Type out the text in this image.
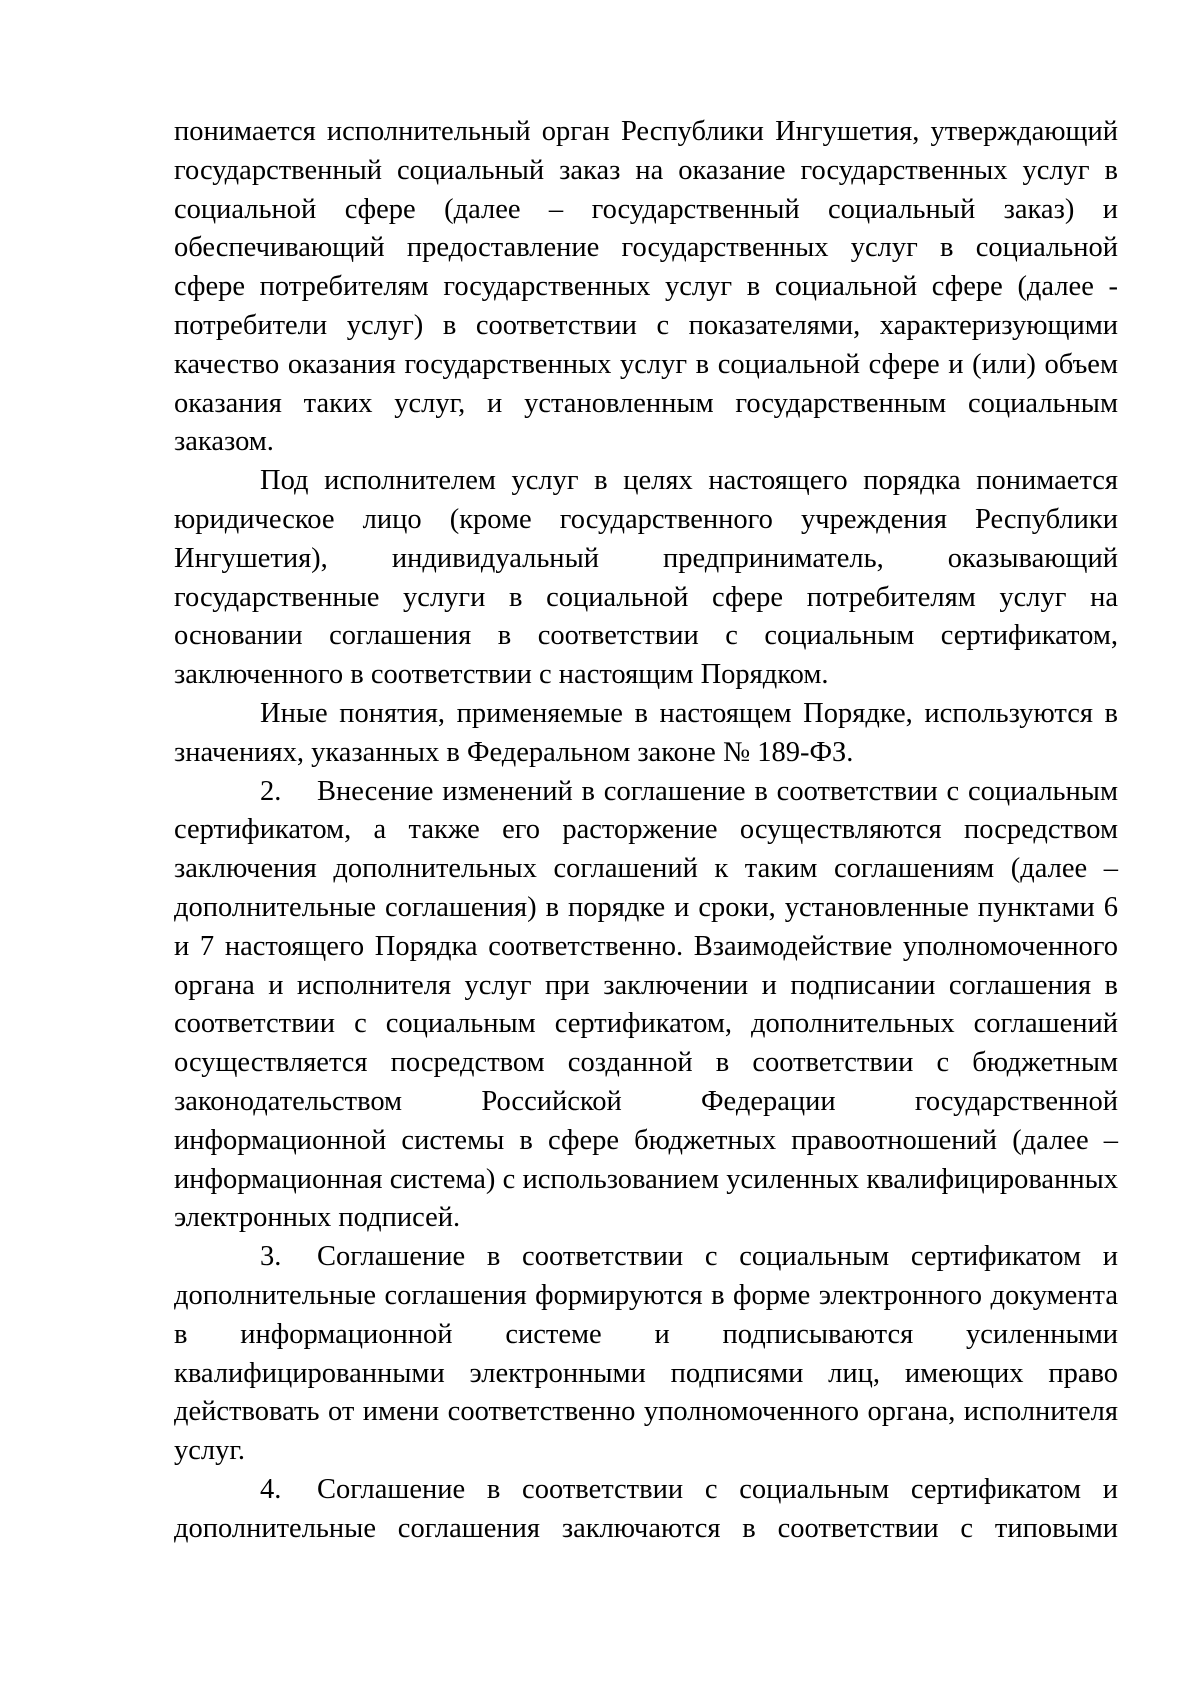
понимается исполнительный орган Республики Ингушетия, утверждающий
государственный социальный заказ на оказание государственных услуг в
социальной сфере (далее – государственный социальный заказ) и
обеспечивающий предоставление государственных услуг в социальной
сфере потребителям государственных услуг в социальной сфере (далее -
потребители услуг) в соответствии с показателями, характеризующими
качество оказания государственных услуг в социальной сфере и (или) объем
оказания таких услуг, и установленным государственным социальным
заказом.
Под исполнителем услуг в целях настоящего порядка понимается
юридическое лицо (кроме государственного учреждения Республики
Ингушетия), индивидуальный предприниматель, оказывающий
государственные услуги в социальной сфере потребителям услуг на
основании соглашения в соответствии с социальным сертификатом,
заключенного в соответствии с настоящим Порядком.
Иные понятия, применяемые в настоящем Порядке, используются в
значениях, указанных в Федеральном законе № 189-ФЗ.
2.	Внесение изменений в соглашение в соответствии с социальным
сертификатом, а также его расторжение осуществляются посредством
заключения дополнительных соглашений к таким соглашениям (далее –
дополнительные соглашения) в порядке и сроки, установленные пунктами 6
и 7 настоящего Порядка соответственно. Взаимодействие уполномоченного
органа и исполнителя услуг при заключении и подписании соглашения в
соответствии с социальным сертификатом, дополнительных соглашений
осуществляется посредством созданной в соответствии с бюджетным
законодательством Российской Федерации государственной
информационной системы в сфере бюджетных правоотношений (далее –
информационная система) с использованием усиленных квалифицированных
электронных подписей.
3.	Соглашение в соответствии с социальным сертификатом и
дополнительные соглашения формируются в форме электронного документа
в информационной системе и подписываются усиленными
квалифицированными электронными подписями лиц, имеющих право
действовать от имени соответственно уполномоченного органа, исполнителя
услуг.
4.	Соглашение в соответствии с социальным сертификатом и
дополнительные соглашения заключаются в соответствии с типовыми
